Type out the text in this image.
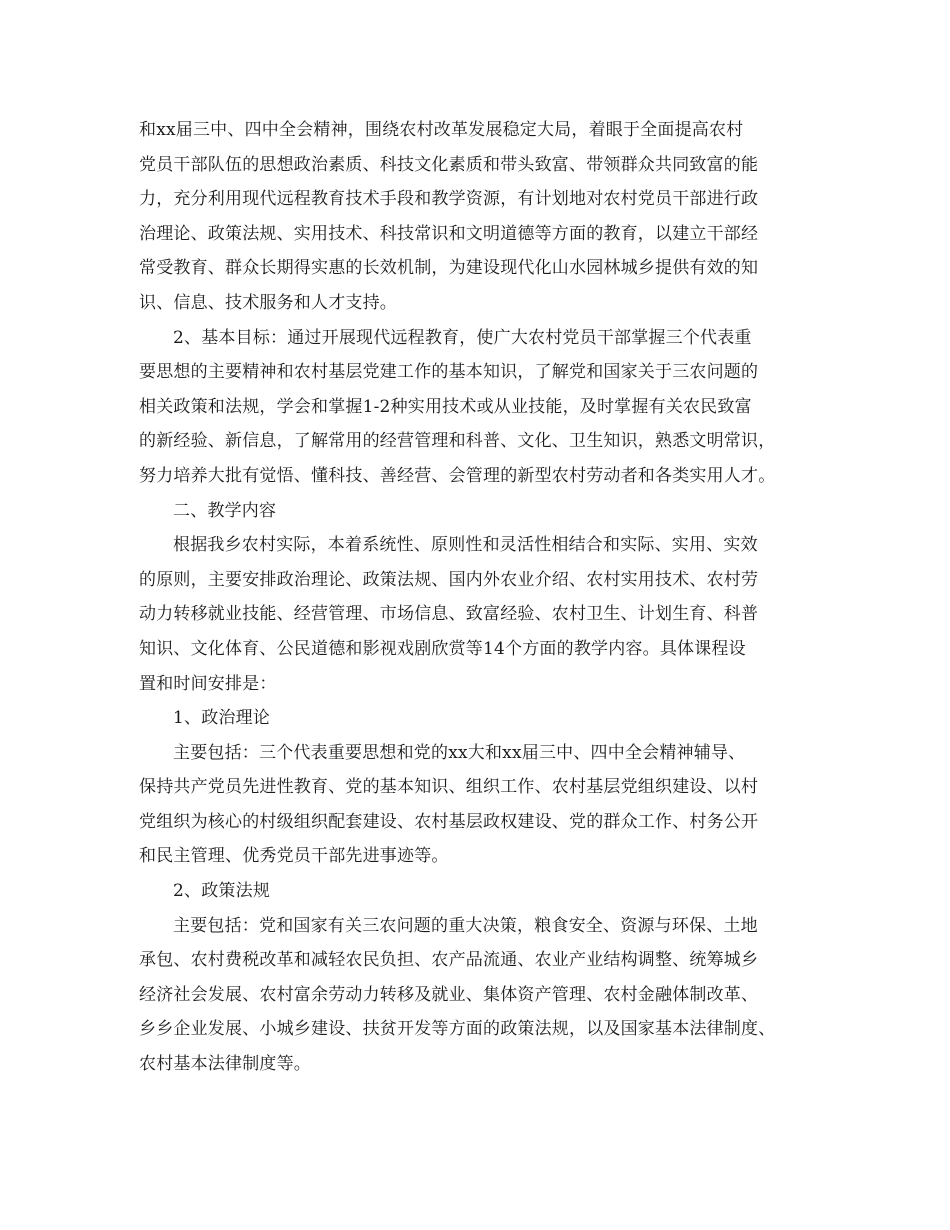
和xx届三中、四中全会精神，围绕农村改革发展稳定大局，着眼于全面提高农村
党员干部队伍的思想政治素质、科技文化素质和带头致富、带领群众共同致富的能
力，充分利用现代远程教育技术手段和教学资源，有计划地对农村党员干部进行政
治理论、政策法规、实用技术、科技常识和文明道德等方面的教育，以建立干部经
常受教育、群众长期得实惠的长效机制，为建设现代化山水园林城乡提供有效的知
识、信息、技术服务和人才支持。
2、基本目标：通过开展现代远程教育，使广大农村党员干部掌握三个代表重
要思想的主要精神和农村基层党建工作的基本知识，了解党和国家关于三农问题的
相关政策和法规，学会和掌握1-2种实用技术或从业技能，及时掌握有关农民致富
的新经验、新信息，了解常用的经营管理和科普、文化、卫生知识，熟悉文明常识，
努力培养大批有觉悟、懂科技、善经营、会管理的新型农村劳动者和各类实用人才。
二、教学内容
根据我乡农村实际，本着系统性、原则性和灵活性相结合和实际、实用、实效
的原则，主要安排政治理论、政策法规、国内外农业介绍、农村实用技术、农村劳
动力转移就业技能、经营管理、市场信息、致富经验、农村卫生、计划生育、科普
知识、文化体育、公民道德和影视戏剧欣赏等14个方面的教学内容。具体课程设
置和时间安排是：
1、政治理论
主要包括：三个代表重要思想和党的xx大和xx届三中、四中全会精神辅导、
保持共产党员先进性教育、党的基本知识、组织工作、农村基层党组织建设、以村
党组织为核心的村级组织配套建设、农村基层政权建设、党的群众工作、村务公开
和民主管理、优秀党员干部先进事迹等。
2、政策法规
主要包括：党和国家有关三农问题的重大决策，粮食安全、资源与环保、土地
承包、农村费税改革和减轻农民负担、农产品流通、农业产业结构调整、统筹城乡
经济社会发展、农村富余劳动力转移及就业、集体资产管理、农村金融体制改革、
乡乡企业发展、小城乡建设、扶贫开发等方面的政策法规，以及国家基本法律制度、
农村基本法律制度等。
